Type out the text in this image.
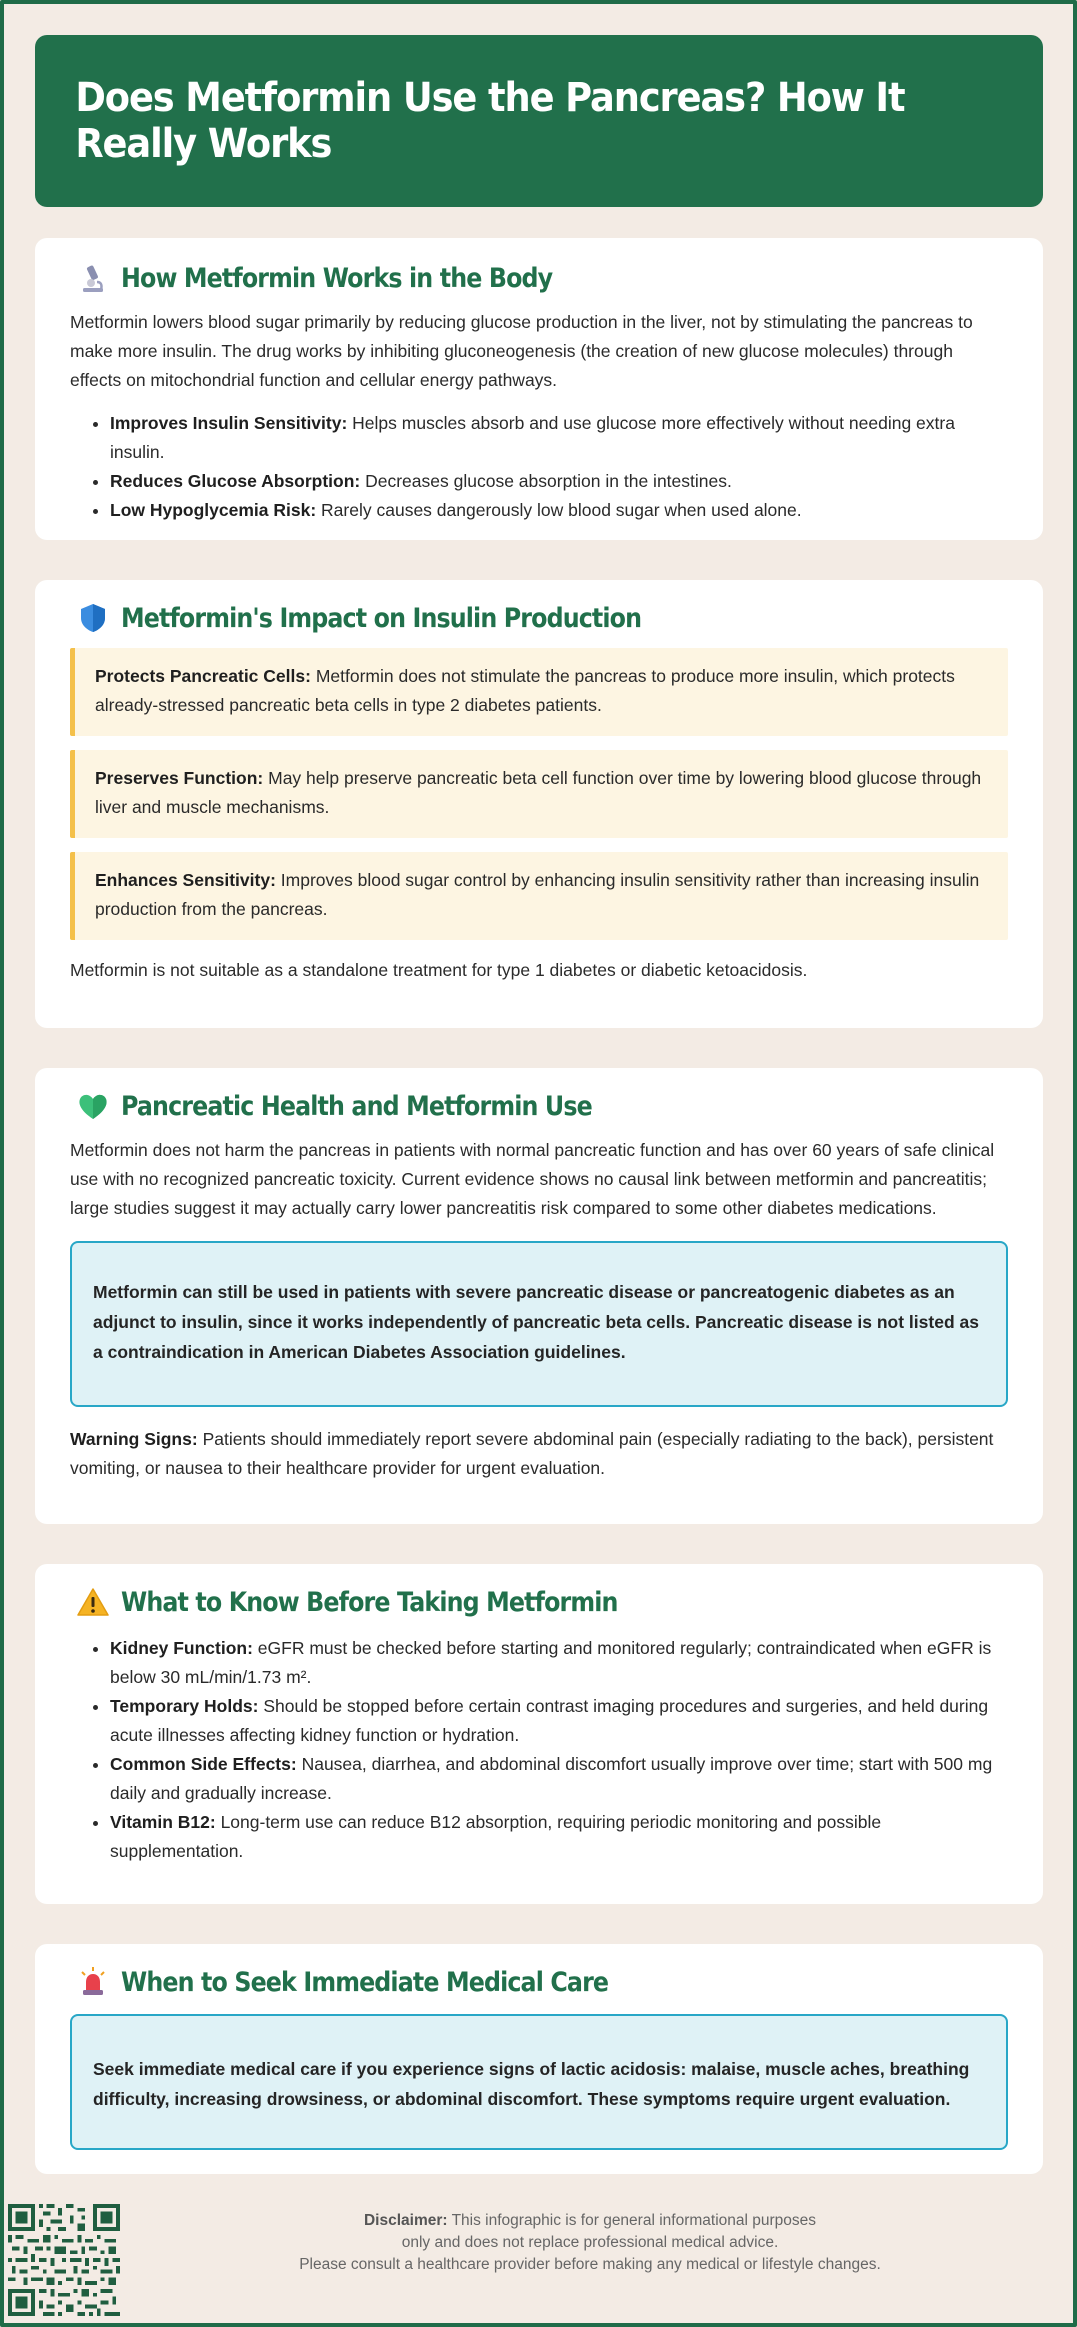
Does Metformin Use the Pancreas? How It Really Works
How Metformin Works in the Body

Metformin lowers blood sugar primarily by reducing glucose production in the liver, not by stimulating the pancreas to make more insulin. The drug works by inhibiting gluconeogenesis (the creation of new glucose molecules) through effects on mitochondrial function and cellular energy pathways.

• Improves Insulin Sensitivity: Helps muscles absorb and use glucose more effectively without needing extra insulin.
• Reduces Glucose Absorption: Decreases glucose absorption in the intestines.
• Low Hypoglycemia Risk: Rarely causes dangerously low blood sugar when used alone.
Metformin's Impact on Insulin Production
Protects Pancreatic Cells: Metformin does not stimulate the pancreas to produce more insulin, which protects already-stressed pancreatic beta cells in type 2 diabetes patients.
Preserves Function: May help preserve pancreatic beta cell function over time by lowering blood glucose through liver and muscle mechanisms.
Enhances Sensitivity: Improves blood sugar control by enhancing insulin sensitivity rather than increasing insulin production from the pancreas.

Metformin is not suitable as a standalone treatment for type 1 diabetes or diabetic ketoacidosis.

Pancreatic Health and Metformin Use

Metformin does not harm the pancreas in patients with normal pancreatic function and has over 60 years of safe clinical use with no recognized pancreatic toxicity. Current evidence shows no causal link between metformin and pancreatitis; large studies suggest it may actually carry lower pancreatitis risk compared to some other diabetes medications.

Metformin can still be used in patients with severe pancreatic disease or pancreatogenic diabetes as an adjunct to insulin, since it works independently of pancreatic beta cells. Pancreatic disease is not listed as a contraindication in American Diabetes Association guidelines.

Warning Signs: Patients should immediately report severe abdominal pain (especially radiating to the back), persistent vomiting, or nausea to their healthcare provider for urgent evaluation.

What to Know Before Taking Metformin
• Kidney Function: eGFR must be checked before starting and monitored regularly; contraindicated when eGFR is below 30 mL/min/1.73 m².
• Temporary Holds: Should be stopped before certain contrast imaging procedures and surgeries, and held during acute illnesses affecting kidney function or hydration.
• Common Side Effects: Nausea, diarrhea, and abdominal discomfort usually improve over time; start with 500 mg daily and gradually increase.
• Vitamin B12: Long-term use can reduce B12 absorption, requiring periodic monitoring and possible supplementation.
When to Seek Immediate Medical Care
Seek immediate medical care if you experience signs of lactic acidosis: malaise, muscle aches, breathing difficulty, increasing drowsiness, or abdominal discomfort. These symptoms require urgent evaluation.
Disclaimer: This infographic is for general informational purposes
only and does not replace professional medical advice.
Please consult a healthcare provider before making any medical or lifestyle changes.
